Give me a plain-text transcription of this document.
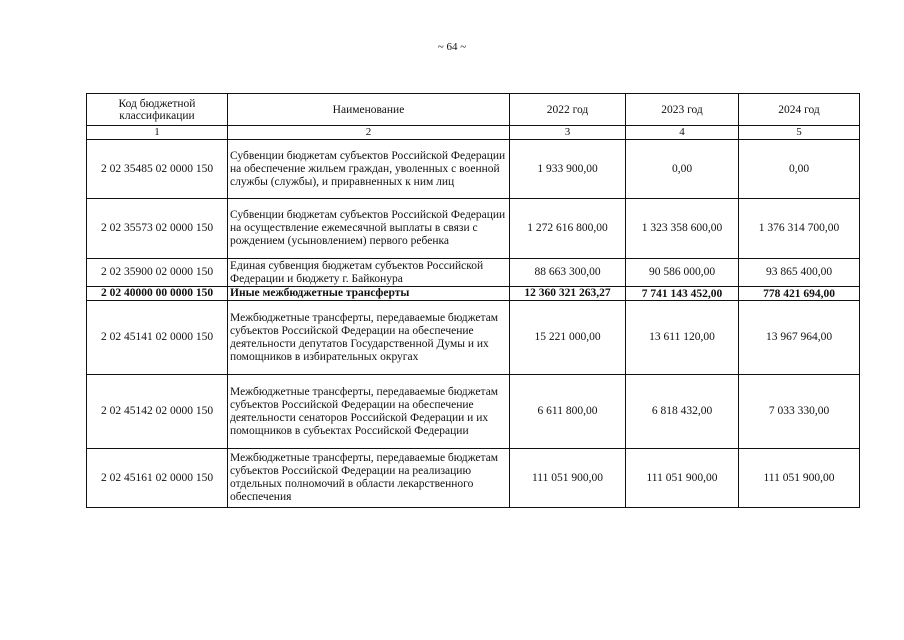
~ 64 ~
Код бюджетной классификации	Наименование	2022 год	2023 год	2024 год
1	2	3	4	5
2 02 35485 02 0000 150	Субвенции бюджетам субъектов Российской Федерации на обеспечение жильем граждан, уволенных с военной службы (службы), и приравненных к ним лиц	1 933 900,00	0,00	0,00
2 02 35573 02 0000 150	Субвенции бюджетам субъектов Российской Федерации на осуществление ежемесячной выплаты в связи с рождением (усыновлением) первого ребенка	1 272 616 800,00	1 323 358 600,00	1 376 314 700,00
2 02 35900 02 0000 150	Единая субвенция бюджетам субъектов Российской Федерации и бюджету г. Байконура	88 663 300,00	90 586 000,00	93 865 400,00
2 02 40000 00 0000 150	Иные межбюджетные трансферты	12 360 321 263,27	7 741 143 452,00	778 421 694,00
2 02 45141 02 0000 150	Межбюджетные трансферты, передаваемые бюджетам субъектов Российской Федерации на обеспечение деятельности депутатов Государственной Думы и их помощников в избирательных округах	15 221 000,00	13 611 120,00	13 967 964,00
2 02 45142 02 0000 150	Межбюджетные трансферты, передаваемые бюджетам субъектов Российской Федерации на обеспечение деятельности сенаторов Российской Федерации и их помощников в субъектах Российской Федерации	6 611 800,00	6 818 432,00	7 033 330,00
2 02 45161 02 0000 150	Межбюджетные трансферты, передаваемые бюджетам субъектов Российской Федерации на реализацию отдельных полномочий в области лекарственного обеспечения	111 051 900,00	111 051 900,00	111 051 900,00
